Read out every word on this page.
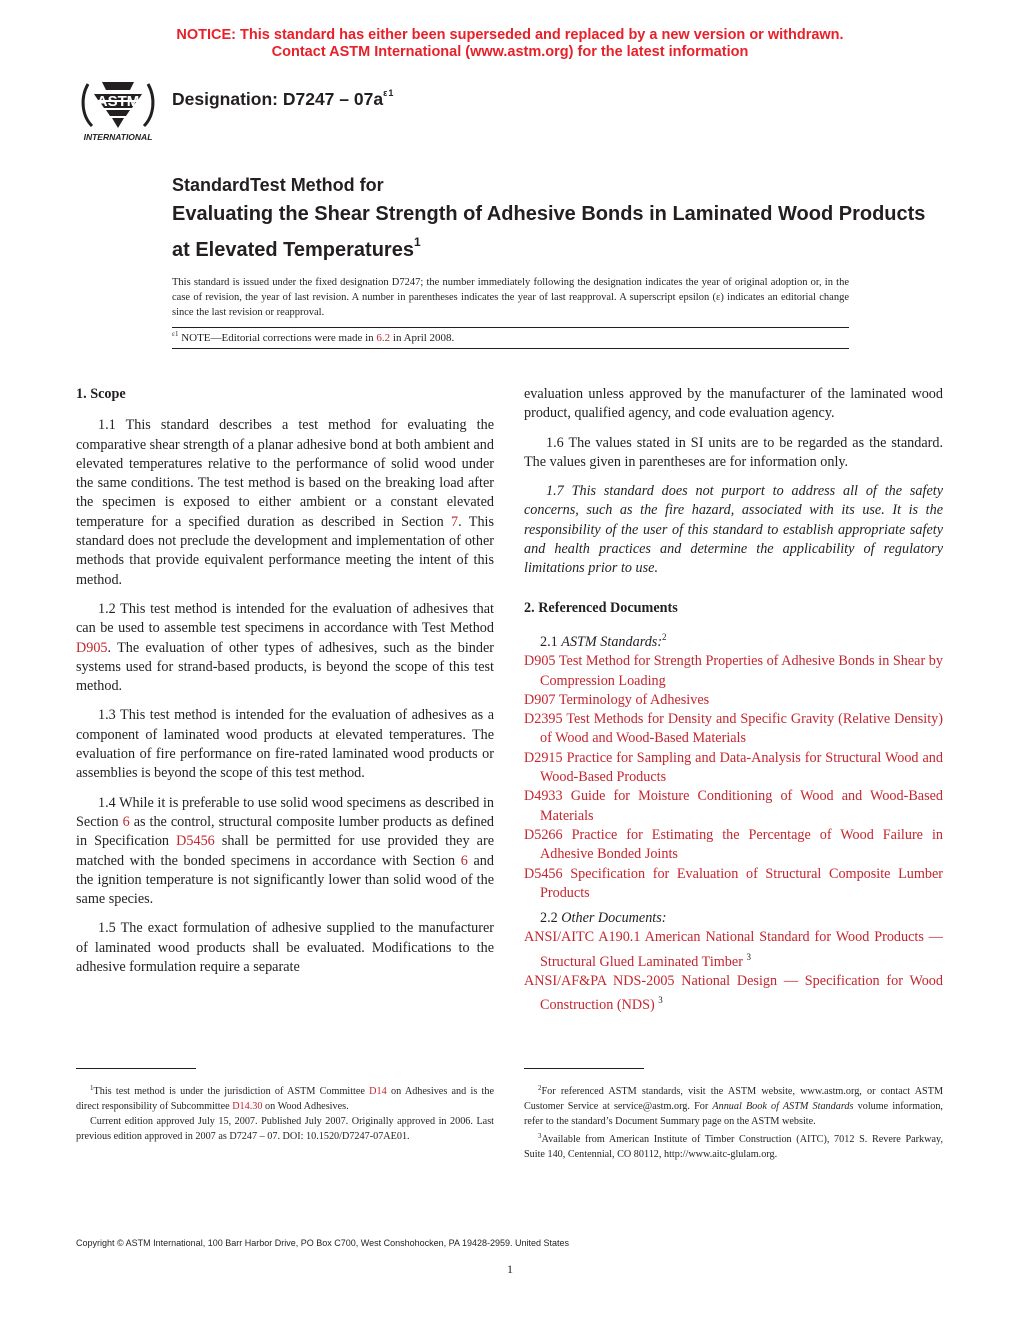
NOTICE: This standard has either been superseded and replaced by a new version or withdrawn.
Contact ASTM International (www.astm.org) for the latest information
ASTM
INTERNATIONAL
Designation: $D7247 - 07a^{\varepsilon 1}$
StandardTest Method for
Evaluating the Shear Strength of Adhesive Bonds in Laminated Wood Products at Elevated Temperatures$^1$
This standard is issued under the fixed designation D7247; the number immediately following the designation indicates the year of original adoption or, in the case of revision, the year of last revision. A number in parentheses indicates the year of last reapproval. A superscript epsilon (ε) indicates an editorial change since the last revision or reapproval.
$^{\varepsilon 1}$ NOTE—Editorial corrections were made in 6.2 in April 2008.

1. Scope

1.1 This standard describes a test method for evaluating the comparative shear strength of a planar adhesive bond at both ambient and elevated temperatures relative to the performance of solid wood under the same conditions. The test method is based on the breaking load after the specimen is exposed to either ambient or a constant elevated temperature for a specified duration as described in Section 7. This standard does not preclude the development and implementation of other methods that provide equivalent performance meeting the intent of this method.

1.2 This test method is intended for the evaluation of adhesives that can be used to assemble test specimens in accordance with Test Method D905. The evaluation of other types of adhesives, such as the binder systems used for strand-based products, is beyond the scope of this test method.

1.3 This test method is intended for the evaluation of adhesives as a component of laminated wood products at elevated temperatures. The evaluation of fire performance on fire-rated laminated wood products or assemblies is beyond the scope of this test method.

1.4 While it is preferable to use solid wood specimens as described in Section 6 as the control, structural composite lumber products as defined in Specification D5456 shall be permitted for use provided they are matched with the bonded specimens in accordance with Section 6 and the ignition temperature is not significantly lower than solid wood of the same species.

1.5 The exact formulation of adhesive supplied to the manufacturer of laminated wood products shall be evaluated. Modifications to the adhesive formulation require a separate

evaluation unless approved by the manufacturer of the laminated wood product, qualified agency, and code evaluation agency.

1.6 The values stated in SI units are to be regarded as the standard. The values given in parentheses are for information only.

1.7 This standard does not purport to address all of the safety concerns, such as the fire hazard, associated with its use. It is the responsibility of the user of this standard to establish appropriate safety and health practices and determine the applicability of regulatory limitations prior to use.

2. Referenced Documents

2.1 ASTM Standards:$^2$

D905 Test Method for Strength Properties of Adhesive Bonds in Shear by Compression Loading

D907 Terminology of Adhesives

D2395 Test Methods for Density and Specific Gravity (Relative Density) of Wood and Wood-Based Materials

D2915 Practice for Sampling and Data-Analysis for Structural Wood and Wood-Based Products

D4933 Guide for Moisture Conditioning of Wood and Wood-Based Materials

D5266 Practice for Estimating the Percentage of Wood Failure in Adhesive Bonded Joints

D5456 Specification for Evaluation of Structural Composite Lumber Products

2.2 Other Documents:

ANSI/AITC A190.1 American National Standard for Wood Products — Structural Glued Laminated Timber $^3$

ANSI/AF&PA NDS-2005 National Design — Specification for Wood Construction (NDS) $^3$

$^1$This test method is under the jurisdiction of ASTM Committee D14 on Adhesives and is the direct responsibility of Subcommittee D14.30 on Wood Adhesives.

Current edition approved July 15, 2007. Published July 2007. Originally approved in 2006. Last previous edition approved in 2007 as D7247 – 07. DOI: 10.1520/D7247-07AE01.

$^2$For referenced ASTM standards, visit the ASTM website, www.astm.org, or contact ASTM Customer Service at service@astm.org. For Annual Book of ASTM Standards volume information, refer to the standard’s Document Summary page on the ASTM website.

$^3$Available from American Institute of Timber Construction (AITC), 7012 S. Revere Parkway, Suite 140, Centennial, CO 80112, http://www.aitc-glulam.org.

Copyright © ASTM International, 100 Barr Harbor Drive, PO Box C700, West Conshohocken, PA 19428-2959. United States
1
